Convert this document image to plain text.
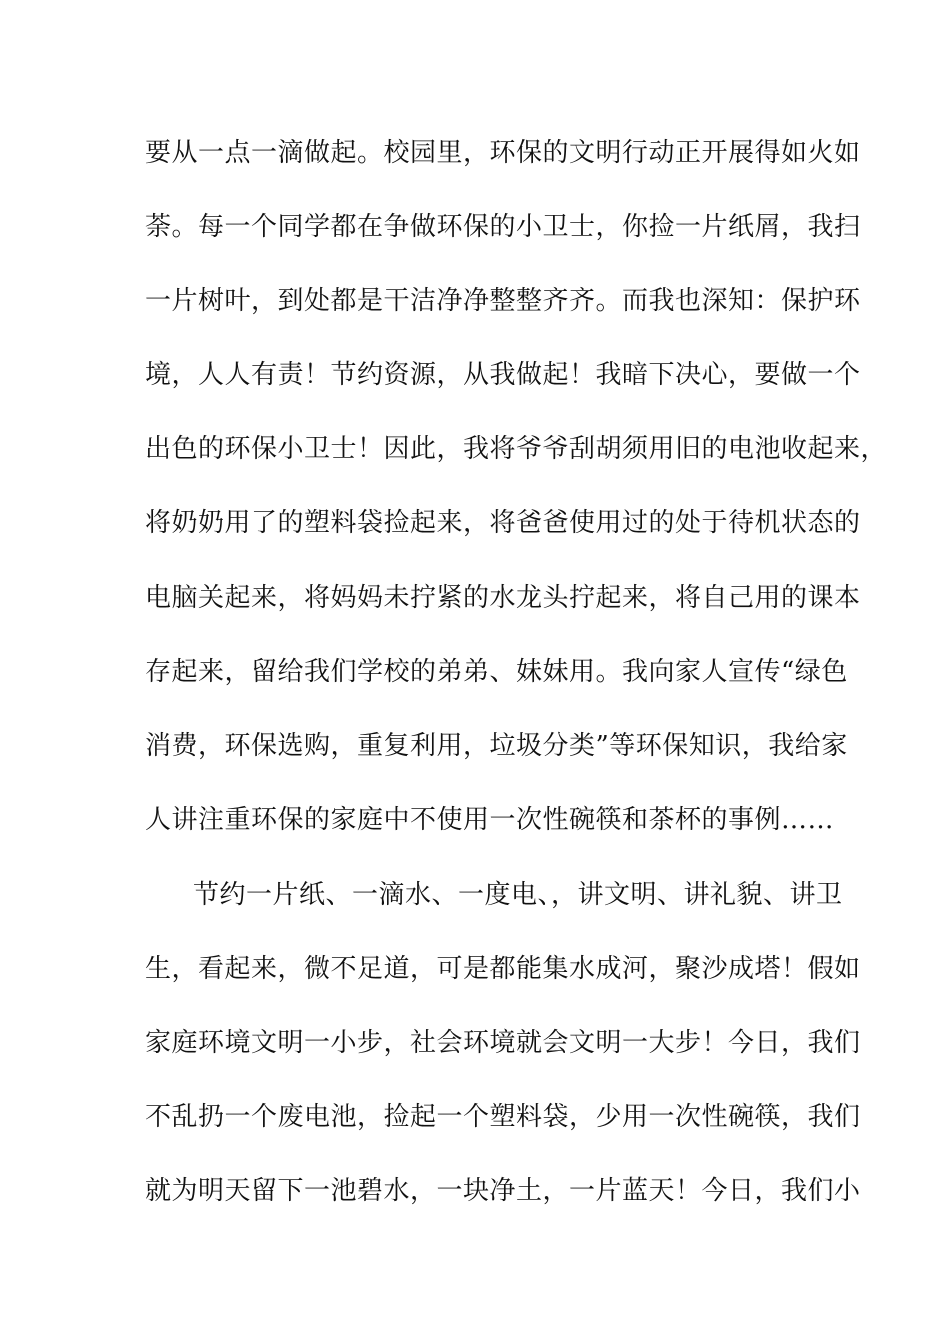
要从一点一滴做起。校园里，环保的文明行动正开展得如火如
荼。每一个同学都在争做环保的小卫士，你捡一片纸屑，我扫
一片树叶，到处都是干洁净净整整齐齐。而我也深知：保护环
境，人人有责！节约资源，从我做起！我暗下决心，要做一个
出色的环保小卫士！因此，我将爷爷刮胡须用旧的电池收起来，
将奶奶用了的塑料袋捡起来，将爸爸使用过的处于待机状态的
电脑关起来，将妈妈未拧紧的水龙头拧起来，将自己用的课本
存起来，留给我们学校的弟弟、妹妹用。我向家人宣传“绿色
消费，环保选购，重复利用，垃圾分类”等环保知识，我给家
人讲注重环保的家庭中不使用一次性碗筷和茶杯的事例……
节约一片纸、一滴水、一度电、，讲文明、讲礼貌、讲卫
生，看起来，微不足道，可是都能集水成河，聚沙成塔！假如
家庭环境文明一小步，社会环境就会文明一大步！今日，我们
不乱扔一个废电池，捡起一个塑料袋，少用一次性碗筷，我们
就为明天留下一池碧水，一块净土，一片蓝天！今日，我们小
